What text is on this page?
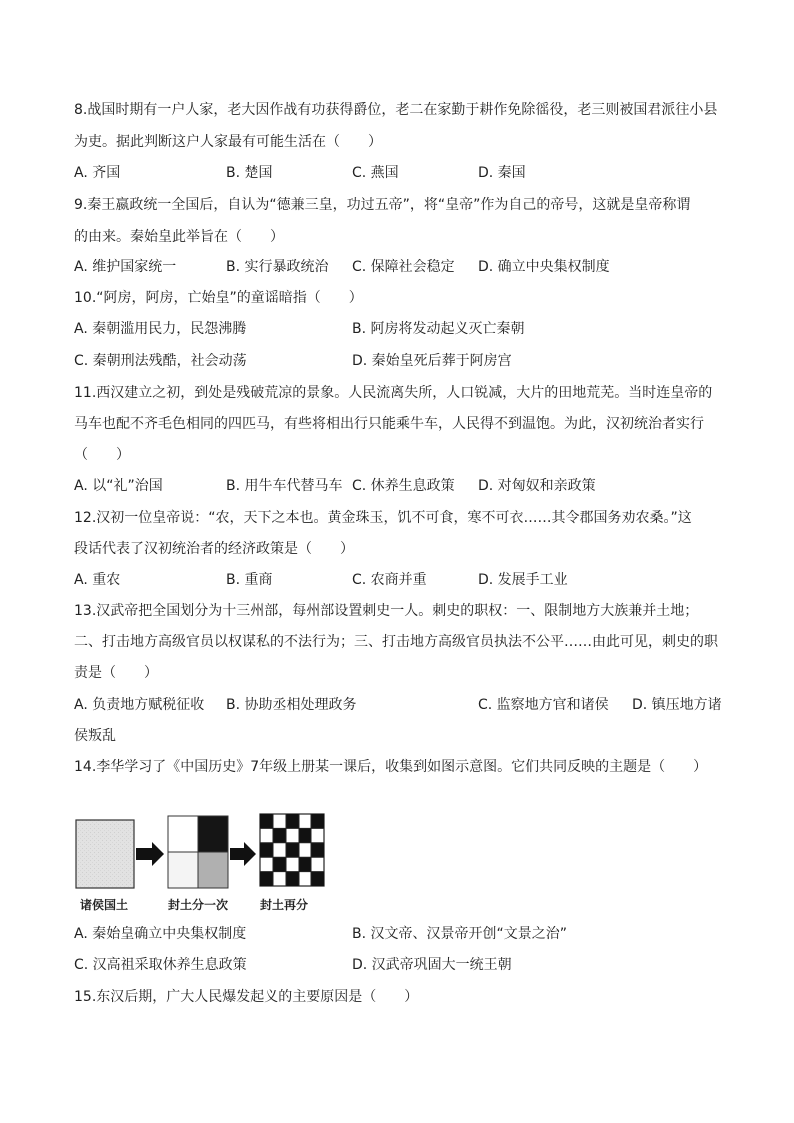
8.战国时期有一户人家，老大因作战有功获得爵位，老二在家勤于耕作免除徭役，老三则被国君派往小县
为吏。据此判断这户人家最有可能生活在（　　）
A. 齐国	B. 楚国	C. 燕国	D. 秦国
9.秦王嬴政统一全国后，自认为“德兼三皇，功过五帝”，将“皇帝”作为自己的帝号，这就是皇帝称谓
的由来。秦始皇此举旨在（　　）
A. 维护国家统一	B. 实行暴政统治 C. 保障社会稳定 D. 确立中央集权制度
10.“阿房，阿房，亡始皇”的童谣暗指（　　）
A. 秦朝滥用民力，民怨沸腾	B. 阿房将发动起义灭亡秦朝
C. 秦朝刑法残酷，社会动荡	D. 秦始皇死后葬于阿房宫
11.西汉建立之初，到处是残破荒凉的景象。人民流离失所，人口锐减，大片的田地荒芜。当时连皇帝的
马车也配不齐毛色相同的四匹马，有些将相出行只能乘牛车，人民得不到温饱。为此，汉初统治者实行
（　　）
A. 以“礼”治国	B. 用牛车代替马车 C. 休养生息政策 D. 对匈奴和亲政策
12.汉初一位皇帝说：“农，天下之本也。黄金珠玉，饥不可食，寒不可衣……其令郡国务劝农桑。”这
段话代表了汉初统治者的经济政策是（　　）
A. 重农	B. 重商	C. 农商并重	D. 发展手工业
13.汉武帝把全国划分为十三州部，每州部设置刺史一人。刺史的职权：一、限制地方大族兼并土地；
二、打击地方高级官员以权谋私的不法行为；三、打击地方高级官员执法不公平……由此可见，刺史的职
责是（　　）
A. 负责地方赋税征收 B. 协助丞相处理政务	C. 监察地方官和诸侯 D. 镇压地方诸
侯叛乱
14.李华学习了《中国历史》7年级上册某一课后，收集到如图示意图。它们共同反映的主题是（　　）
诸侯国土	封土分一次	封土再分
A. 秦始皇确立中央集权制度	B. 汉文帝、汉景帝开创“文景之治”
C. 汉高祖采取休养生息政策	D. 汉武帝巩固大一统王朝
15.东汉后期，广大人民爆发起义的主要原因是（　　）
